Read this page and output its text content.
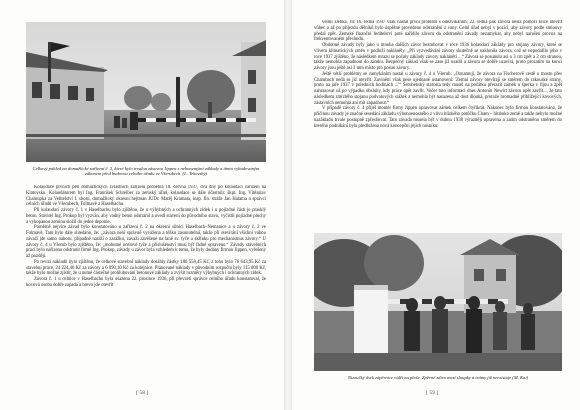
Celkový pohled na domažlické zařízení č. 3, které bylo trvalou zásuvou Jippen s nehonemými základy a tímto vybudovaným zákonem před budovou celního úřadu ve Všerubech. (L. Tekovský)

Kolaudace prvních pěti domažlických zvláštních zařízení proběhla 18. června 1937, dva dny po kolaudaci zařízení na Klatovsku. Kolaudátorem byl Ing. František Schreiber za zemský úřad, kolaudace se dále účastnili: škpt. Ing. Vítězslav Chaloupka za Velitelství I. sboru, domažlický okresní hejtman JUDr. Matěj Kramata, insp. fin. stráže Jan Halama a správci celních úřadů ve Všerubech, Folmavě a Haselbachu.

Při kolaudaci závory č. 1 v Haselbachu bylo zjištěno, že u výhybných a ochranných zídek i u pojízdné části je prasklý beton. Stavitel Ing. Prokop byl vyzván, aby vadný beton odstranil a uvedl stavení do původního stavu, vyčistil pojízdné plochy a vykopanou zeminu složil do jedné deponie.

Poměrně nejvíce závad bylo konstatováno u zařízení č. 2 na okresní silnici Haselbach–Nemanice a u závory č. 2 ve Folmavě. Tam bylo dále shledáno, že: „závora není správně vyvážena a těžko zasunutelná, takže při otevírání všichni vábou závaží jde samo nahoru, případně naráží o zarážku, závaží zavěšené na laně sv. tyče u skřínku pro mechanismus závory.“ U závory č. 4 u Všerub bylo zjištěno, že: „mohutné ocelové tyče a příslušenství musí být řádně opraveno.“ Závady stavebních prací bylo nařízeno odstranit firmě Ing. Prokop, závady u závor byla vzhledem k tomu, že byly dodány firmou Jippen, vyřešeny až později.

Po revizi nákladů bylo zjištěno, že celkové stavební náklady dosáhly částky 106 558,45 Kč, z toho bylo 76 643,95 Kč za stavební práce, 24 224,40 Kč za závory a 6 090,10 Kč za kolejnice. Plánované náklady v původním rozpočtu byly 115 000 Kč, takže bylo možné zjistit, že u nutné částečné prohlubování betonové základy a zvýšit rozměry výhybných i ochranných zídek.

Závora č. 1 u celnice v Haselbachu byla osazena 22. prosince 1936, při převzetí správce celního úřadu konstatoval, že kovová osoba dobře zapadá a brevo jde otevřít

[ 58 ]

velmi zlehka. Již 16. ledna 1937 však nastal první problém s odezvíkáním; 22. ledna pak závora nešla pomocí klíče otevřít vůbec a až po příjezdu dělníků bylo úspěšné provedeno odstranění z vany. Celní úřad nebyl v pozici, aby závory podle smlouvy předal zpět. Zemské finanční ředitelství poté nařídilo závoru do odstranění závady nezamykat, aby nebyl narušen provoz na frekventovaném přechodu.

Obdobné závady byly jako u mnoha dalších závor beztohovat v roce 1936 kolaudaci základy pro stojany závory, které se vlivem klimatických změn v podloží nakláněly. „Při vyzvedávání závory skutečně se naklonila závora, což se nepodařilo jeho v roce 1937 zjištěno, že následkem mrazu se počaly základy závory nakláněti ...“ Závora se posunula asi o 3 cm zpět a 2 cm stranou, takže nemohla zapadnout do zámku. Bezpečný základ však se zase již usadil a závora se dobře uzavírá, proto prozatím na konci závory jsou ještě asi 3 mm místo pro posun závory.

Ještě větší problémy se zamykáním nastal u závory č. 4 u Všerub: „Oznamuji, že závora na Fischerově cestě u mostu přes Chambach nedá se již otevřít. Zavinění však nese ujednané ustanovení: 'Zemní závory otevírají se směrem do rakouské strany, proto na jaře 1937 v poledních hodinách ...'“ Šerubenský starosta tedy musel na počátku přerazit zámek u šperka v říjnu a zpět nahrazovat už po výpadku obsluhy, kdy práce opět zavřít. Večer tuto informaci dnes Antonín Newirt závoru opět zavřít..., že tato následkem zmrzlého stojanu podvalových srážek a nemohla být nasazena až dost dlouhá, protože hromadně přihlížející kovových, zástavních nemohla ani mít zapadnout.“

V případě závory č. 4 přijel montér firmy Jippen opravovat zámek celkem čtyřikrát. Nakonec bylo firmou konstatováno, že příčinou závady je značné sesedání základu výhonoenosného z vlivu blízkého potůčku Cham – hluboko země a takže nebylo možné nazákladu trvale postupně zpřesňovat. Tato závada musela být v dubnu 1938 výrazněji opravena a zatím odstraněno směrem do kterého podnikání byla předložena nová koncepční jejich nosníku.

Nizoučký úsek zápěrnice vidět na ploše. Zpěvné zdivo mezi sloupky a trámy již neexistuje (M. Kai)
[ 59 ]
